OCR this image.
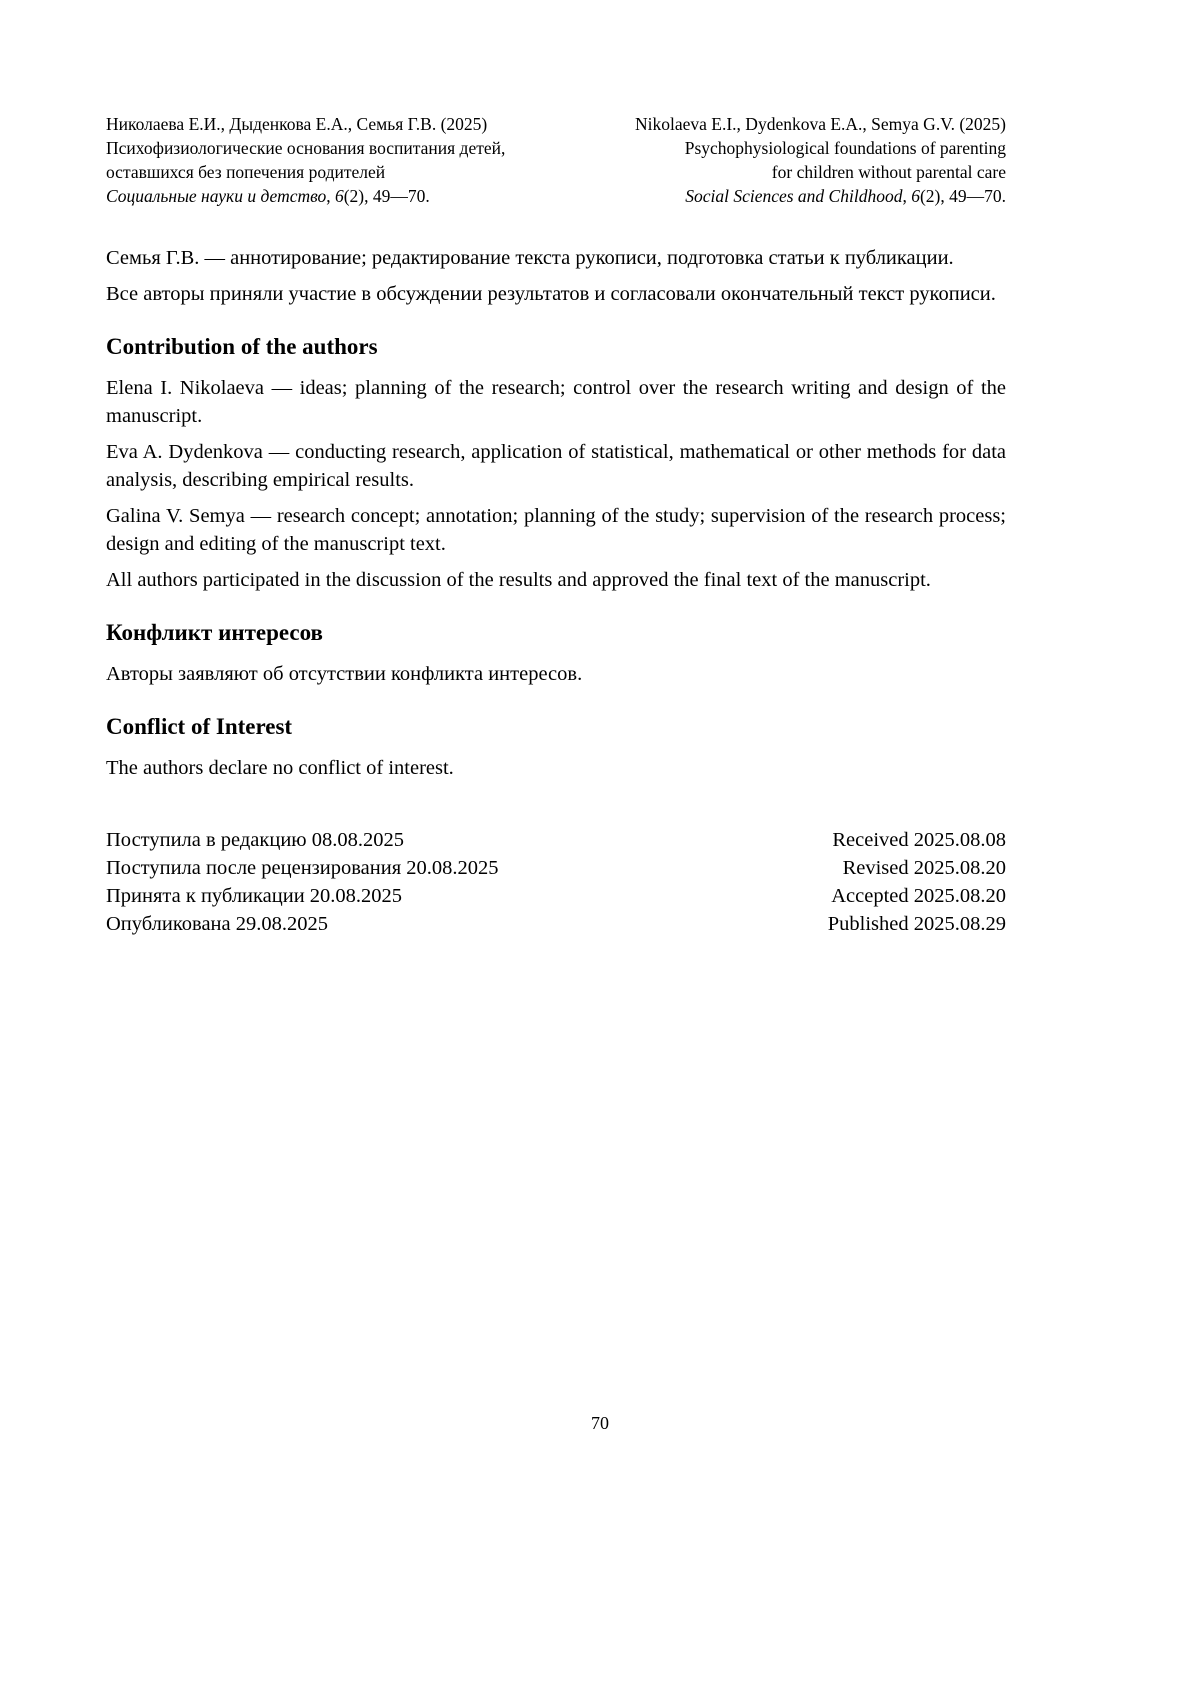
Николаева Е.И., Дыденкова Е.А., Семья Г.В. (2025)
Психофизиологические основания воспитания детей,
оставшихся без попечения родителей
Социальные науки и детство, 6(2), 49—70.
Nikolaeva E.I., Dydenkova E.A., Semya G.V. (2025)
Psychophysiological foundations of parenting
for children without parental care
Social Sciences and Childhood, 6(2), 49—70.

Семья Г.В. — аннотирование; редактирование текста рукописи, подготовка статьи к публикации.

Все авторы приняли участие в обсуждении результатов и согласовали окончательный текст рукописи.

Contribution of the authors

Elena I. Nikolaeva — ideas; planning of the research; control over the research writing and design of the manuscript.

Eva A. Dydenkova — conducting research, application of statistical, mathematical or other methods for data analysis, describing empirical results.

Galina V. Semya — research concept; annotation; planning of the study; supervision of the research process; design and editing of the manuscript text.

All authors participated in the discussion of the results and approved the final text of the manuscript.

Конфликт интересов

Авторы заявляют об отсутствии конфликта интересов.

Conflict of Interest

The authors declare no conflict of interest.

Поступила в редакцию 08.08.2025	Received 2025.08.08
Поступила после рецензирования 20.08.2025	Revised 2025.08.20
Принята к публикации 20.08.2025	Accepted 2025.08.20
Опубликована 29.08.2025	Published 2025.08.29
70
